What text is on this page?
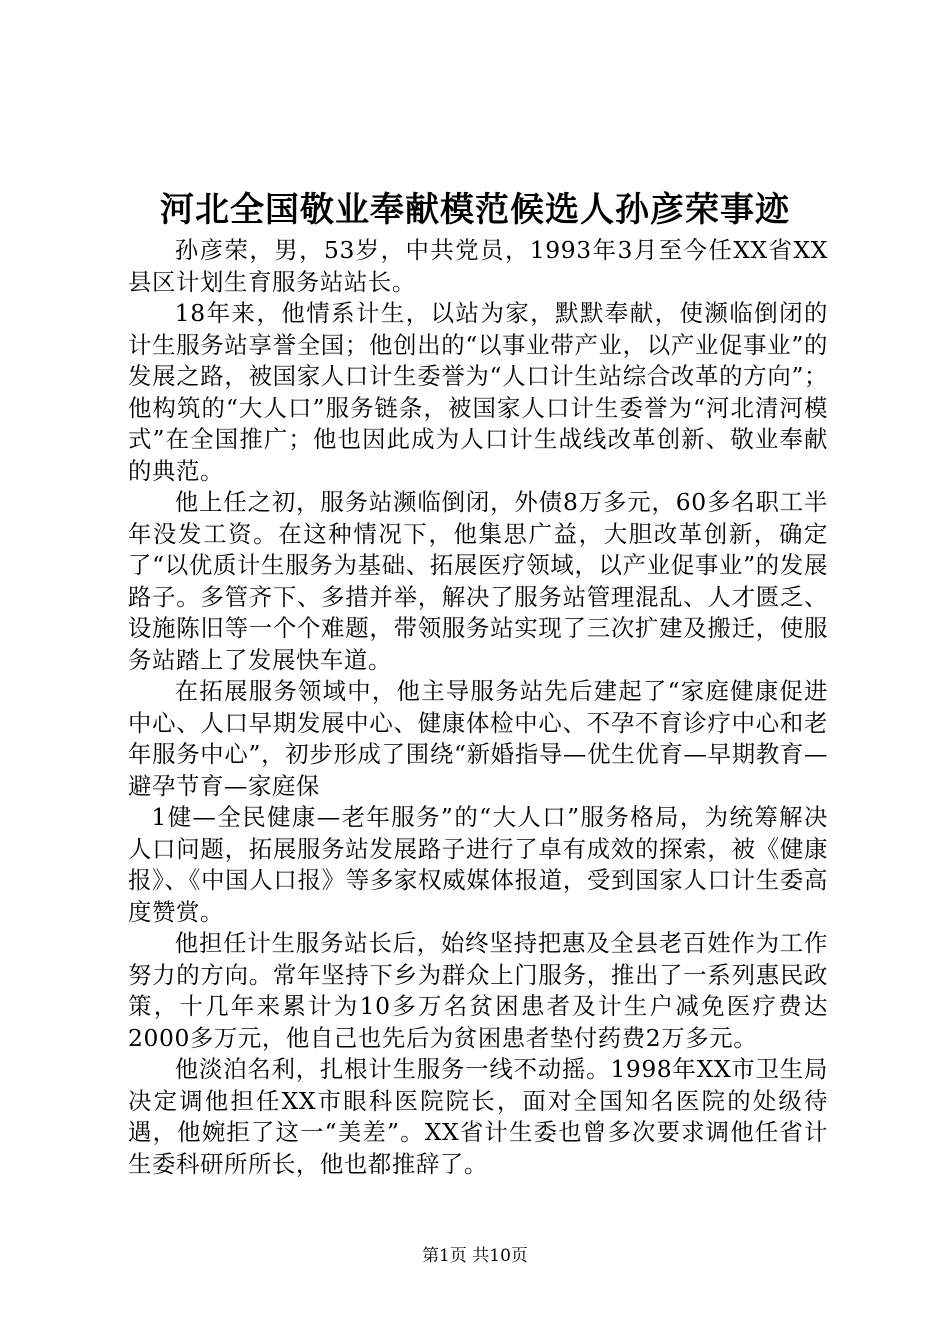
河北全国敬业奉献模范候选人孙彦荣事迹

孙彦荣，男，53岁，中共党员，1993年3月至今任XX省XX县区计划生育服务站站长。

18年来，他情系计生，以站为家，默默奉献，使濒临倒闭的计生服务站享誉全国；他创出的“以事业带产业，以产业促事业”的发展之路，被国家人口计生委誉为“人口计生站综合改革的方向”；他构筑的“大人口”服务链条，被国家人口计生委誉为“河北清河模式”在全国推广；他也因此成为人口计生战线改革创新、敬业奉献的典范。

他上任之初，服务站濒临倒闭，外债8万多元，60多名职工半年没发工资。在这种情况下，他集思广益，大胆改革创新，确定了“以优质计生服务为基础、拓展医疗领域，以产业促事业”的发展路子。多管齐下、多措并举，解决了服务站管理混乱、人才匮乏、设施陈旧等一个个难题，带领服务站实现了三次扩建及搬迁，使服务站踏上了发展快车道。

在拓展服务领域中，他主导服务站先后建起了“家庭健康促进中心、人口早期发展中心、健康体检中心、不孕不育诊疗中心和老年服务中心”，初步形成了围绕“新婚指导—优生优育—早期教育—避孕节育—家庭保

1健—全民健康—老年服务”的“大人口”服务格局，为统筹解决人口问题，拓展服务站发展路子进行了卓有成效的探索，被《健康报》、《中国人口报》等多家权威媒体报道，受到国家人口计生委高度赞赏。

他担任计生服务站长后，始终坚持把惠及全县老百姓作为工作努力的方向。常年坚持下乡为群众上门服务，推出了一系列惠民政策，十几年来累计为10多万名贫困患者及计生户减免医疗费达2000多万元，他自己也先后为贫困患者垫付药费2万多元。

他淡泊名利，扎根计生服务一线不动摇。1998年XX市卫生局决定调他担任XX市眼科医院院长，面对全国知名医院的处级待遇，他婉拒了这一“美差”。XX省计生委也曾多次要求调他任省计生委科研所所长，他也都推辞了。

第1页 共10页
